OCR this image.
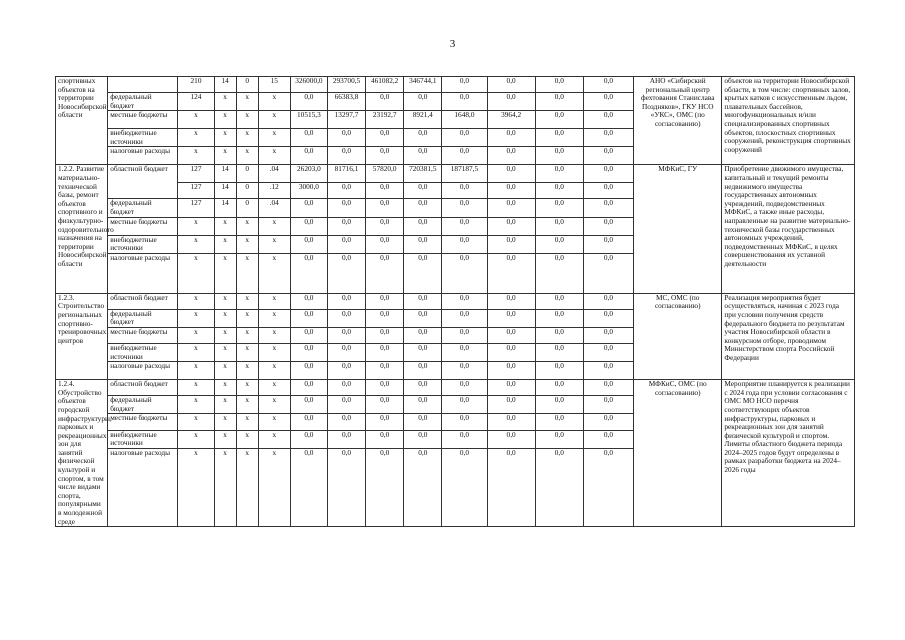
3
спортивных объектов на территории Новосибирской области		210	14	0	15	326000,0	293700,5	461082,2	346744,1	0,0	0,0	0,0	0,0	АНО «Сибирский региональный центр фехтования Станислава Поздняков», ГКУ НСО «УКС», ОМС (по согласованию)	объектов на территории Новосибирской области, в том числе: спортивных залов, крытых катков с искусственным льдом, плавательных бассейнов, многофункциональных и/или специализированных спортивных объектов, плоскостных спортивных сооружений, реконструкция спортивных сооружений
	федеральный бюджет	124	x	x	x	0,0	66383,8	0,0	0,0	0,0	0,0	0,0	0,0		
	местные бюджеты	x	x	x	x	10515,3	13297,7	23192,7	8921,4	1648,0	3964,2	0,0	0,0		
	внебюджетные источники	x	x	x	x	0,0	0,0	0,0	0,0	0,0	0,0	0,0	0,0		
	налоговые расходы	x	x	x	x	0,0	0,0	0,0	0,0	0,0	0,0	0,0	0,0		
1.2.2. Развитие материально-технической базы, ремонт объектов спортивного и физкультурно-оздоровительного назначения на территории Новосибирской области	областной бюджет	127	14	0	.04	26203,0	81716,1	57820,0	720381,5	187187,5	0,0	0,0	0,0	МФКиС, ГУ	Приобретение движимого имущества, капитальный и текущий ремонты недвижимого имущества государственных автономных учреждений, подведомственных МФКиС, а также иные расходы, направленные на развитие материально-технической базы государственных автономных учреждений, подведомственных МФКиС, в целях совершенствования их уставной деятельности
		127	14	0	.12	3000,0	0,0	0,0	0,0	0,0	0,0	0,0	0,0		
	федеральный бюджет	127	14	0	.04	0,0	0,0	0,0	0,0	0,0	0,0	0,0	0,0		
	местные бюджеты	x	x	x	x	0,0	0,0	0,0	0,0	0,0	0,0	0,0	0,0		
	внебюджетные источники	x	x	x	x	0,0	0,0	0,0	0,0	0,0	0,0	0,0	0,0		
	налоговые расходы	x	x	x	x	0,0	0,0	0,0	0,0	0,0	0,0	0,0	0,0		
1.2.3. Строительство региональных спортивно-тренировочных центров	областной бюджет	x	x	x	x	0,0	0,0	0,0	0,0	0,0	0,0	0,0	0,0	МС, ОМС (по согласованию)	Реализация мероприятия будет осуществляться, начиная с 2023 года при условии получения средств федерального бюджета по результатам участия Новосибирской области в конкурсном отборе, проводимом Министерством спорта Российской Федерации
	федеральный бюджет	x	x	x	x	0,0	0,0	0,0	0,0	0,0	0,0	0,0	0,0		
	местные бюджеты	x	x	x	x	0,0	0,0	0,0	0,0	0,0	0,0	0,0	0,0		
	внебюджетные источники	x	x	x	x	0,0	0,0	0,0	0,0	0,0	0,0	0,0	0,0		
	налоговые расходы	x	x	x	x	0,0	0,0	0,0	0,0	0,0	0,0	0,0	0,0		
1.2.4. Обустройство объектов городской инфраструктуры, парковых и рекреационных зон для занятий физической культурой и спортом, в том числе видами спорта, популярными в молодежной среде	областной бюджет	x	x	x	x	0,0	0,0	0,0	0,0	0,0	0,0	0,0	0,0	МФКиС, ОМС (по согласованию)	Мероприятие планируется к реализации с 2024 года при условии согласования с ОМС МО НСО перечня соответствующих объектов инфраструктуры, парковых и рекреационных зон для занятий физической культурой и спортом. Лимиты областного бюджета периода 2024–2025 годов будут определены в рамках разработки бюджета на 2024–2026 годы
	федеральный бюджет	x	x	x	x	0,0	0,0	0,0	0,0	0,0	0,0	0,0	0,0		
	местные бюджеты	x	x	x	x	0,0	0,0	0,0	0,0	0,0	0,0	0,0	0,0		
	внебюджетные источники	x	x	x	x	0,0	0,0	0,0	0,0	0,0	0,0	0,0	0,0		
	налоговые расходы	x	x	x	x	0,0	0,0	0,0	0,0	0,0	0,0	0,0	0,0		
